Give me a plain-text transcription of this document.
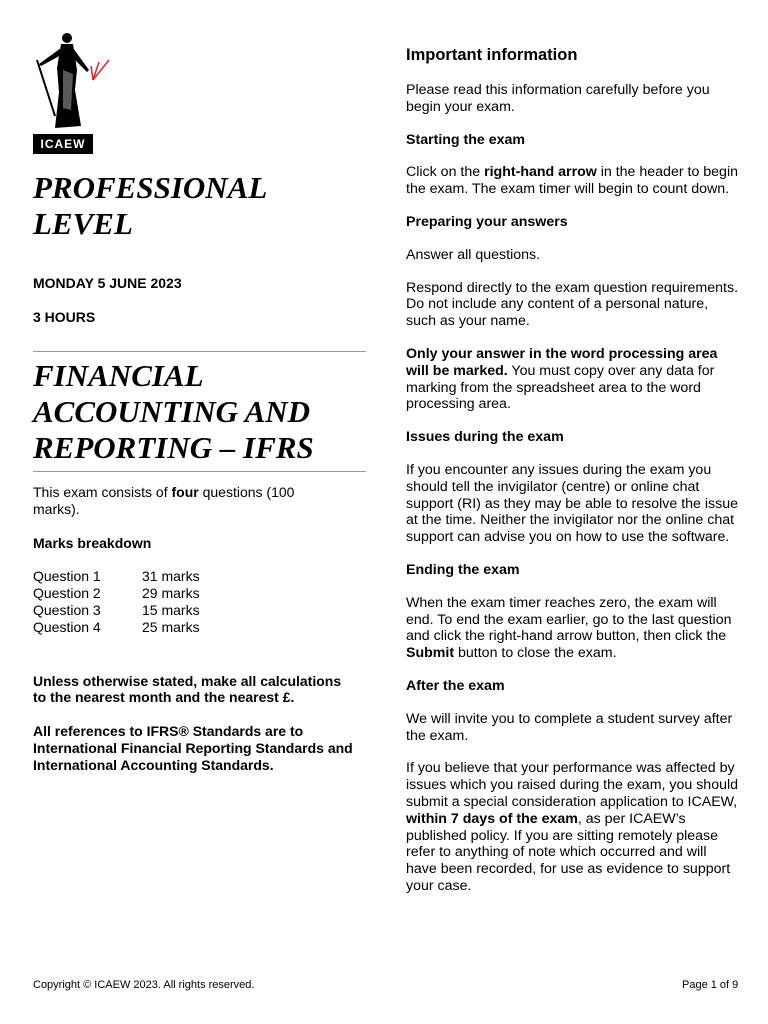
ICAEW

PROFESSIONAL
LEVEL

MONDAY 5 JUNE 2023

3 HOURS

FINANCIAL
ACCOUNTING AND
REPORTING – IFRS

This exam consists of four questions (100 marks).

Marks breakdown

Question 1	31 marks
Question 2	29 marks
Question 3	15 marks
Question 4	25 marks

Unless otherwise stated, make all calculations to the nearest month and the nearest £.

All references to IFRS® Standards are to International Financial Reporting Standards and International Accounting Standards.

Important information

Please read this information carefully before you begin your exam.

Starting the exam

Click on the right-hand arrow in the header to begin the exam. The exam timer will begin to count down.

Preparing your answers

Answer all questions.

Respond directly to the exam question requirements. Do not include any content of a personal nature, such as your name.

Only your answer in the word processing area will be marked. You must copy over any data for marking from the spreadsheet area to the word processing area.

Issues during the exam

If you encounter any issues during the exam you should tell the invigilator (centre) or online chat support (RI) as they may be able to resolve the issue at the time. Neither the invigilator nor the online chat support can advise you on how to use the software.

Ending the exam

When the exam timer reaches zero, the exam will end. To end the exam earlier, go to the last question and click the right-hand arrow button, then click the Submit button to close the exam.

After the exam

We will invite you to complete a student survey after the exam.

If you believe that your performance was affected by issues which you raised during the exam, you should submit a special consideration application to ICAEW, within 7 days of the exam, as per ICAEW’s published policy. If you are sitting remotely please refer to anything of note which occurred and will have been recorded, for use as evidence to support your case.

Copyright © ICAEW 2023. All rights reserved.	Page 1 of 9
